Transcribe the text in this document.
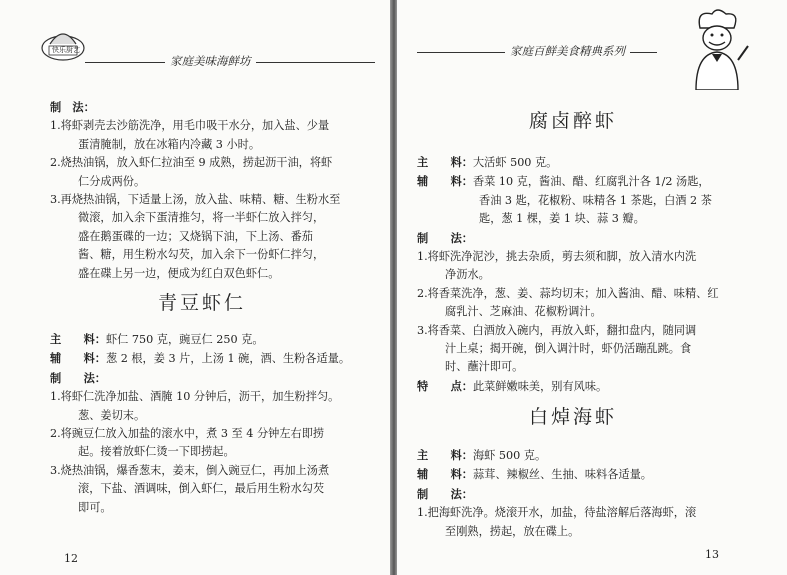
快乐厨艺
家庭美味海鲜坊
制　法：
1.将虾剥壳去沙筋洗净，用毛巾吸干水分，加入盐、少量
蛋清腌制，放在冰箱内冷藏 3 小时。
2.烧热油锅，放入虾仁拉油至 9 成熟，捞起沥干油，将虾
仁分成两份。
3.再烧热油锅，下适量上汤，放入盐、味精、糖、生粉水至
微滚，加入余下蛋清推匀，将一半虾仁放入拌匀，
盛在鹅蛋碟的一边；又烧锅下油，下上汤、番茄
酱、糖，用生粉水勾芡，加入余下一份虾仁拌匀，
盛在碟上另一边，便成为红白双色虾仁。
青豆虾仁
主　　料：虾仁 750 克，豌豆仁 250 克。
辅　　料：葱 2 根，姜 3 片，上汤 1 碗，酒、生粉各适量。
制　　法：
1.将虾仁洗净加盐、酒腌 10 分钟后，沥干，加生粉拌匀。
葱、姜切末。
2.将豌豆仁放入加盐的滚水中，煮 3 至 4 分钟左右即捞
起。接着放虾仁烫一下即捞起。
3.烧热油锅，爆香葱末，姜末，倒入豌豆仁，再加上汤煮
滚，下盐、酒调味，倒入虾仁，最后用生粉水勾芡
即可。
12
家庭百鲜美食精典系列
腐卤醉虾
主　　料：大活虾 500 克。
辅　　料：香菜 10 克，酱油、醋、红腐乳汁各 1/2 汤匙，
香油 3 匙，花椒粉、味精各 1 茶匙，白酒 2 茶
匙，葱 1 棵，姜 1 块、蒜 3 瓣。
制　　法：
1.将虾洗净泥沙，挑去杂质，剪去须和脚，放入清水内洗
净沥水。
2.将香菜洗净，葱、姜、蒜均切末；加入酱油、醋、味精、红
腐乳汁、芝麻油、花椒粉调汁。
3.将香菜、白酒放入碗内，再放入虾，翻扣盘内，随同调
汁上桌；揭开碗，倒入调汁时，虾仍活蹦乱跳。食
时、蘸汁即可。
特　　点：此菜鲜嫩味美，别有风味。
白焯海虾
主　　料：海虾 500 克。
辅　　料：蒜茸、辣椒丝、生抽、味料各适量。
制　　法：
1.把海虾洗净。烧滚开水，加盐，待盐溶解后落海虾，滚
至刚熟，捞起，放在碟上。
13
